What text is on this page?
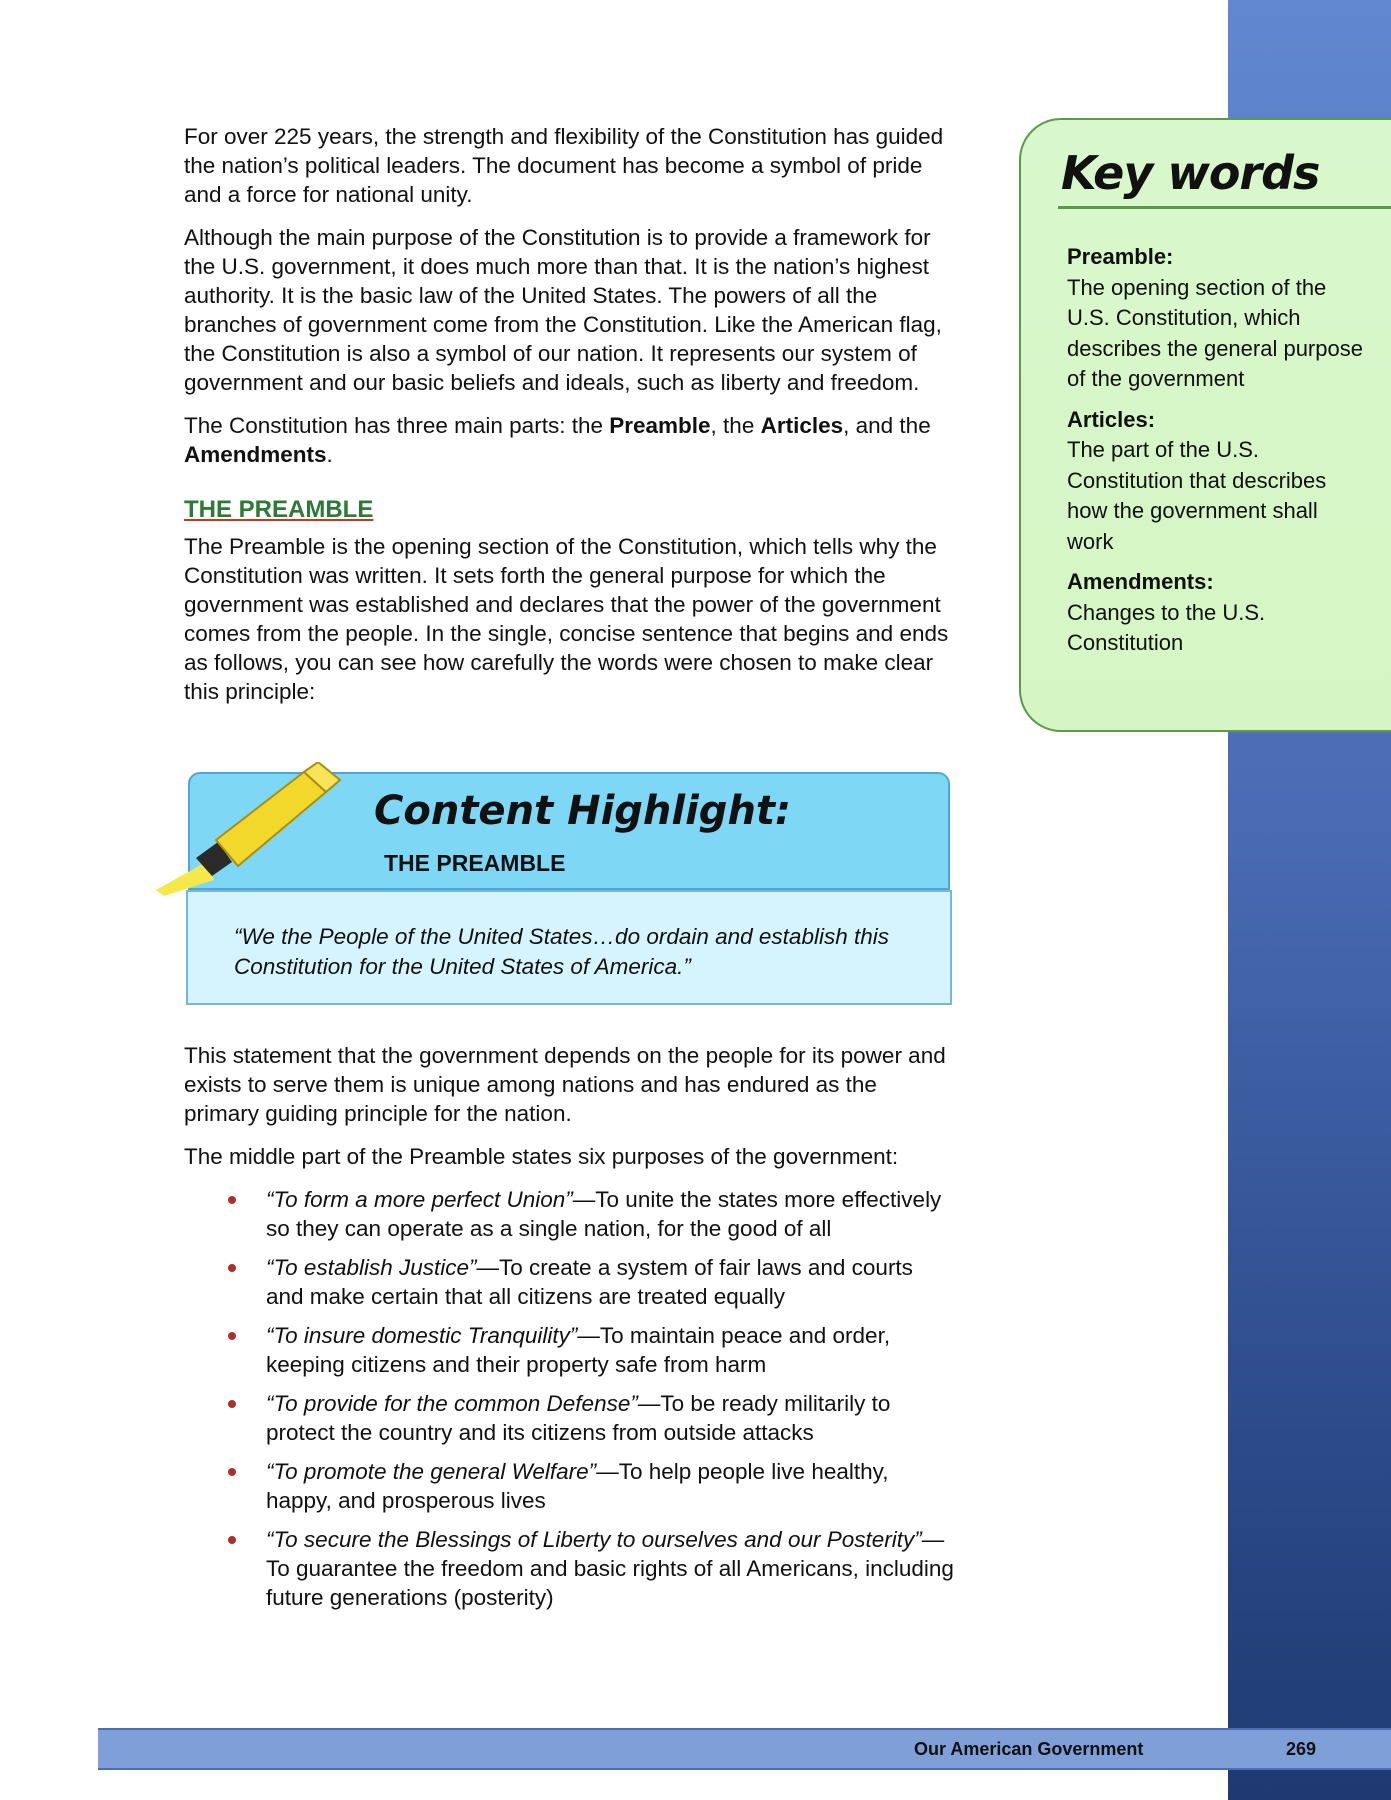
For over 225 years, the strength and flexibility of the Constitution has guided the nation’s political leaders. The document has become a symbol of pride and a force for national unity.

Although the main purpose of the Constitution is to provide a framework for the U.S. government, it does much more than that. It is the nation’s highest authority. It is the basic law of the United States. The powers of all the branches of government come from the Constitution. Like the American flag, the Constitution is also a symbol of our nation. It represents our system of government and our basic beliefs and ideals, such as liberty and freedom.

The Constitution has three main parts: the Preamble, the Articles, and the Amendments.

THE PREAMBLE

The Preamble is the opening section of the Constitution, which tells why the Constitution was written. It sets forth the general purpose for which the government was established and declares that the power of the government comes from the people. In the single, concise sentence that begins and ends as follows, you can see how carefully the words were chosen to make clear this principle:

Content Highlight:
THE PREAMBLE
“We the People of the United States…do ordain and establish this Constitution for the United States of America.”

This statement that the government depends on the people for its power and exists to serve them is unique among nations and has endured as the primary guiding principle for the nation.

The middle part of the Preamble states six purposes of the government:

“To form a more perfect Union”—To unite the states more effectively so they can operate as a single nation, for the good of all
“To establish Justice”—To create a system of fair laws and courts and make certain that all citizens are treated equally
“To insure domestic Tranquility”—To maintain peace and order, keeping citizens and their property safe from harm
“To provide for the common Defense”—To be ready militarily to protect the country and its citizens from outside attacks
“To promote the general Welfare”—To help people live healthy, happy, and prosperous lives
“To secure the Blessings of Liberty to ourselves and our Posterity”—To guarantee the freedom and basic rights of all Americans, including future generations (posterity)
Key words
Preamble:
The opening section of the U.S. Constitution, which describes the general purpose of the government
Articles:
The part of the U.S. Constitution that describes how the government shall work
Amendments:
Changes to the U.S. Constitution
Our American Government	269
